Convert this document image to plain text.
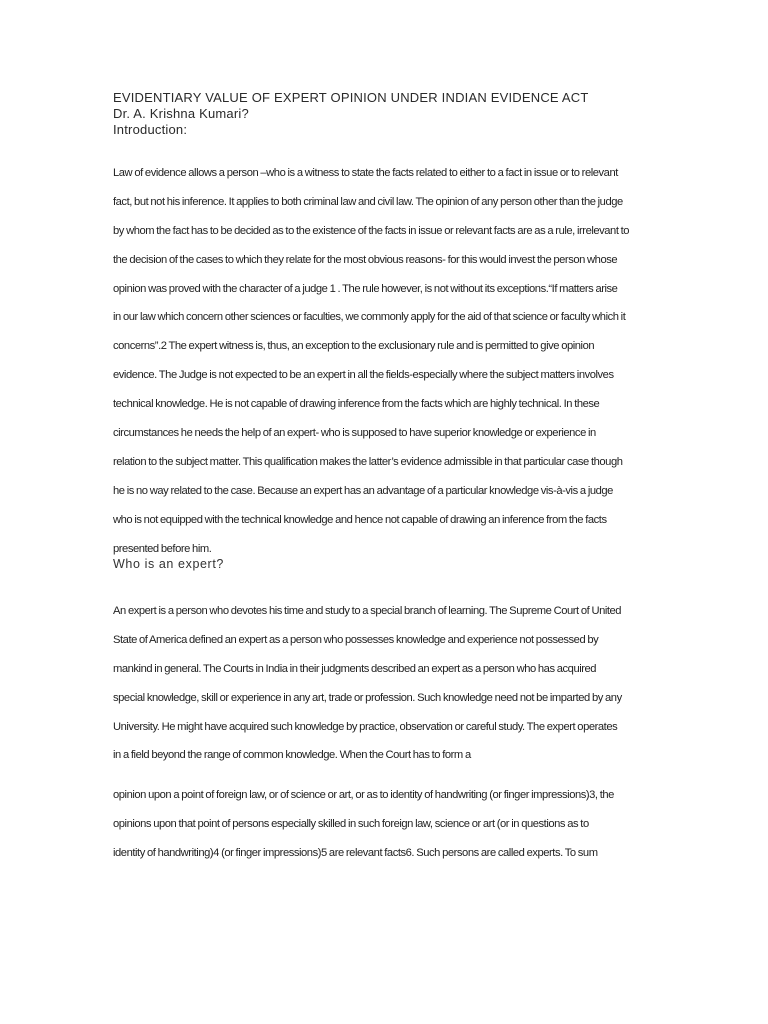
EVIDENTIARY VALUE OF EXPERT OPINION UNDER INDIAN EVIDENCE ACT
Dr. A. Krishna Kumari?
Introduction:
Law of evidence allows a person –who is a witness to state the facts related to either to a fact in issue or to relevant
fact, but not his inference. It applies to both criminal law and civil law. The opinion of any person other than the judge
by whom the fact has to be decided as to the existence of the facts in issue or relevant facts are as a rule, irrelevant to
the decision of the cases to which they relate for the most obvious reasons- for this would invest the person whose
opinion was proved with the character of a judge 1 . The rule however, is not without its exceptions.“If matters arise
in our law which concern other sciences or faculties, we commonly apply for the aid of that science or faculty which it
concerns”.2 The expert witness is, thus, an exception to the exclusionary rule and is permitted to give opinion
evidence. The Judge is not expected to be an expert in all the fields-especially where the subject matters involves
technical knowledge. He is not capable of drawing inference from the facts which are highly technical. In these
circumstances he needs the help of an expert- who is supposed to have superior knowledge or experience in
relation to the subject matter. This qualification makes the latter’s evidence admissible in that particular case though
he is no way related to the case. Because an expert has an advantage of a particular knowledge vis-à-vis a judge
who is not equipped with the technical knowledge and hence not capable of drawing an inference from the facts
presented before him.
Who is an expert?
An expert is a person who devotes his time and study to a special branch of learning. The Supreme Court of United
State of America defined an expert as a person who possesses knowledge and experience not possessed by
mankind in general. The Courts in India in their judgments described an expert as a person who has acquired
special knowledge, skill or experience in any art, trade or profession. Such knowledge need not be imparted by any
University. He might have acquired such knowledge by practice, observation or careful study. The expert operates
in a field beyond the range of common knowledge. When the Court has to form a
opinion upon a point of foreign law, or of science or art, or as to identity of handwriting (or finger impressions)3, the
opinions upon that point of persons especially skilled in such foreign law, science or art (or in questions as to
identity of handwriting)4 (or finger impressions)5 are relevant facts6. Such persons are called experts. To sum
